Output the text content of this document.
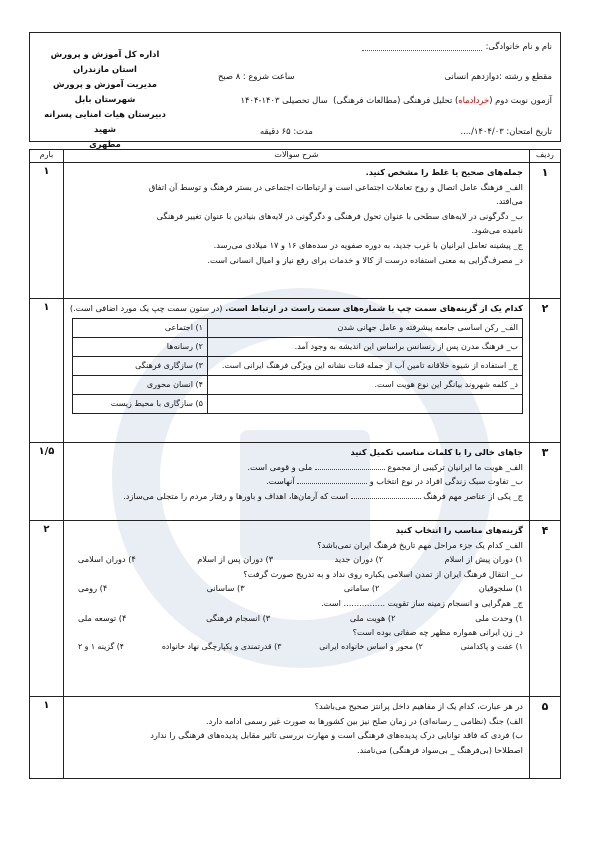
نام و نام خانوادگی:
مقطع و رشته :دوازدهم انسانی
ساعت شروع : ۸ صبح
آزمون نوبت دوم (خردادماه) تحلیل فرهنگی (مطالعات فرهنگی)  سال تحصیلی ۱۴۰۳-۱۴۰۴
تاریخ امتحان: ۱۴۰۴/۰۳/....
مدت: ۶۵ دقیقه
اداره کل آموزش و پرورش استان مازندران
مدیریت آموزش و پرورش شهرستان بابل
دبیرستان هیات امنایی پسرانه شهید
مطهری
ردیف	شرح سوالات	بارم
۱	

جمله‌های صحیح یا غلط را مشخص کنید.

الف_ فرهنگ عامل اتصال و روح تعاملات اجتماعی است و ارتباطات اجتماعی در بستر فرهنگ و توسط آن اتفاق

می‌افتد.

ب_ دگرگونی در لایه‌های سطحی با عنوان تحول فرهنگی و دگرگونی در لایه‌های بنیادین با عنوان تغییر فرهنگی

نامیده می‌شود.

ج_ پیشینه تعامل ایرانیان با غرب جدید، به دوره صفویه در سده‌های ۱۶ و ۱۷ میلادی می‌رسد.

د_ مصرف‌گرایی به معنی استفاده درست از کالا و خدمات برای رفع نیاز و امیال انسانی است.

	۱
۲	

کدام یک از گزینه‌های سمت چپ با شماره‌های سمت راست در ارتباط است. (در ستون سمت چپ یک مورد اضافی است.)

الف_ رکن اساسی جامعه پیشرفته و عامل جهانی شدن	۱) اجتماعی
ب_ فرهنگ مدرن پس از رنسانس براساس این اندیشه به وجود آمد.	۲) رسانه‌ها
ج_ استفاده از شیوه خلاقانه تامین آب از جمله قنات نشانه این ویژگی فرهنگ ایرانی است.	۳) سازگاری فرهنگی
د_ کلمه شهروند بیانگر این نوع هویت است.	۴) انسان محوری
	۵) سازگاری با محیط زیست
	۱
۳	

جاهای خالی را با کلمات مناسب تکمیل کنید

الف_ هویت ما ایرانیان ترکیبی از مجموع  ملی و قومی است.

ب_ تفاوت سبک زندگی افراد در نوع انتخاب و  آنهاست.

ج_ یکی از عناصر مهم فرهنگ  است که آرمان‌ها، اهداف و باورها و رفتار مردم را متجلی می‌سازد.

	۱/۵
۴	

گزینه‌های مناسب را انتخاب کنید

الف_ کدام یک جزء مراحل مهم تاریخ فرهنگ ایران نمی‌باشد؟

۱) دوران پیش از اسلام
۲) دوران جدید
۳) دوران پس از اسلام
۴) دوران اسلامی

ب_ انتقال فرهنگ ایران از تمدن اسلامی یکباره روی نداد و به تدریج صورت گرفت؟

۱) سلجوقیان
۲) سامانی
۳) ساسانی
۴) رومی

ج_ هم‌گرایی و انسجام زمینه ساز تقویت ................ است.

۱) وحدت ملی
۲) هویت ملی
۳) انسجام فرهنگی
۴) توسعه ملی

د_ زن ایرانی همواره مظهر چه صفاتی بوده است؟

۱) عفت و پاکدامنی
۲) محور و اساس خانواده ایرانی
۳) قدرتمندی و یکپارچگی نهاد خانواده
۴) گزینه ۱ و ۲
	۲
۵	

در هر عبارت، کدام یک از مفاهیم داخل پرانتز صحیح می‌باشد؟

الف) جنگ (نظامی _ رسانه‌ای) در زمان صلح نیز بین کشورها به صورت غیر رسمی ادامه دارد.

ب) فردی که فاقد توانایی درک پدیده‌های فرهنگی است و مهارت بررسی تاثیر مقابل پدیده‌های فرهنگی را ندارد

اصطلاحا (بی‌فرهنگ _ بی‌سواد فرهنگی) می‌نامند.

	۱
